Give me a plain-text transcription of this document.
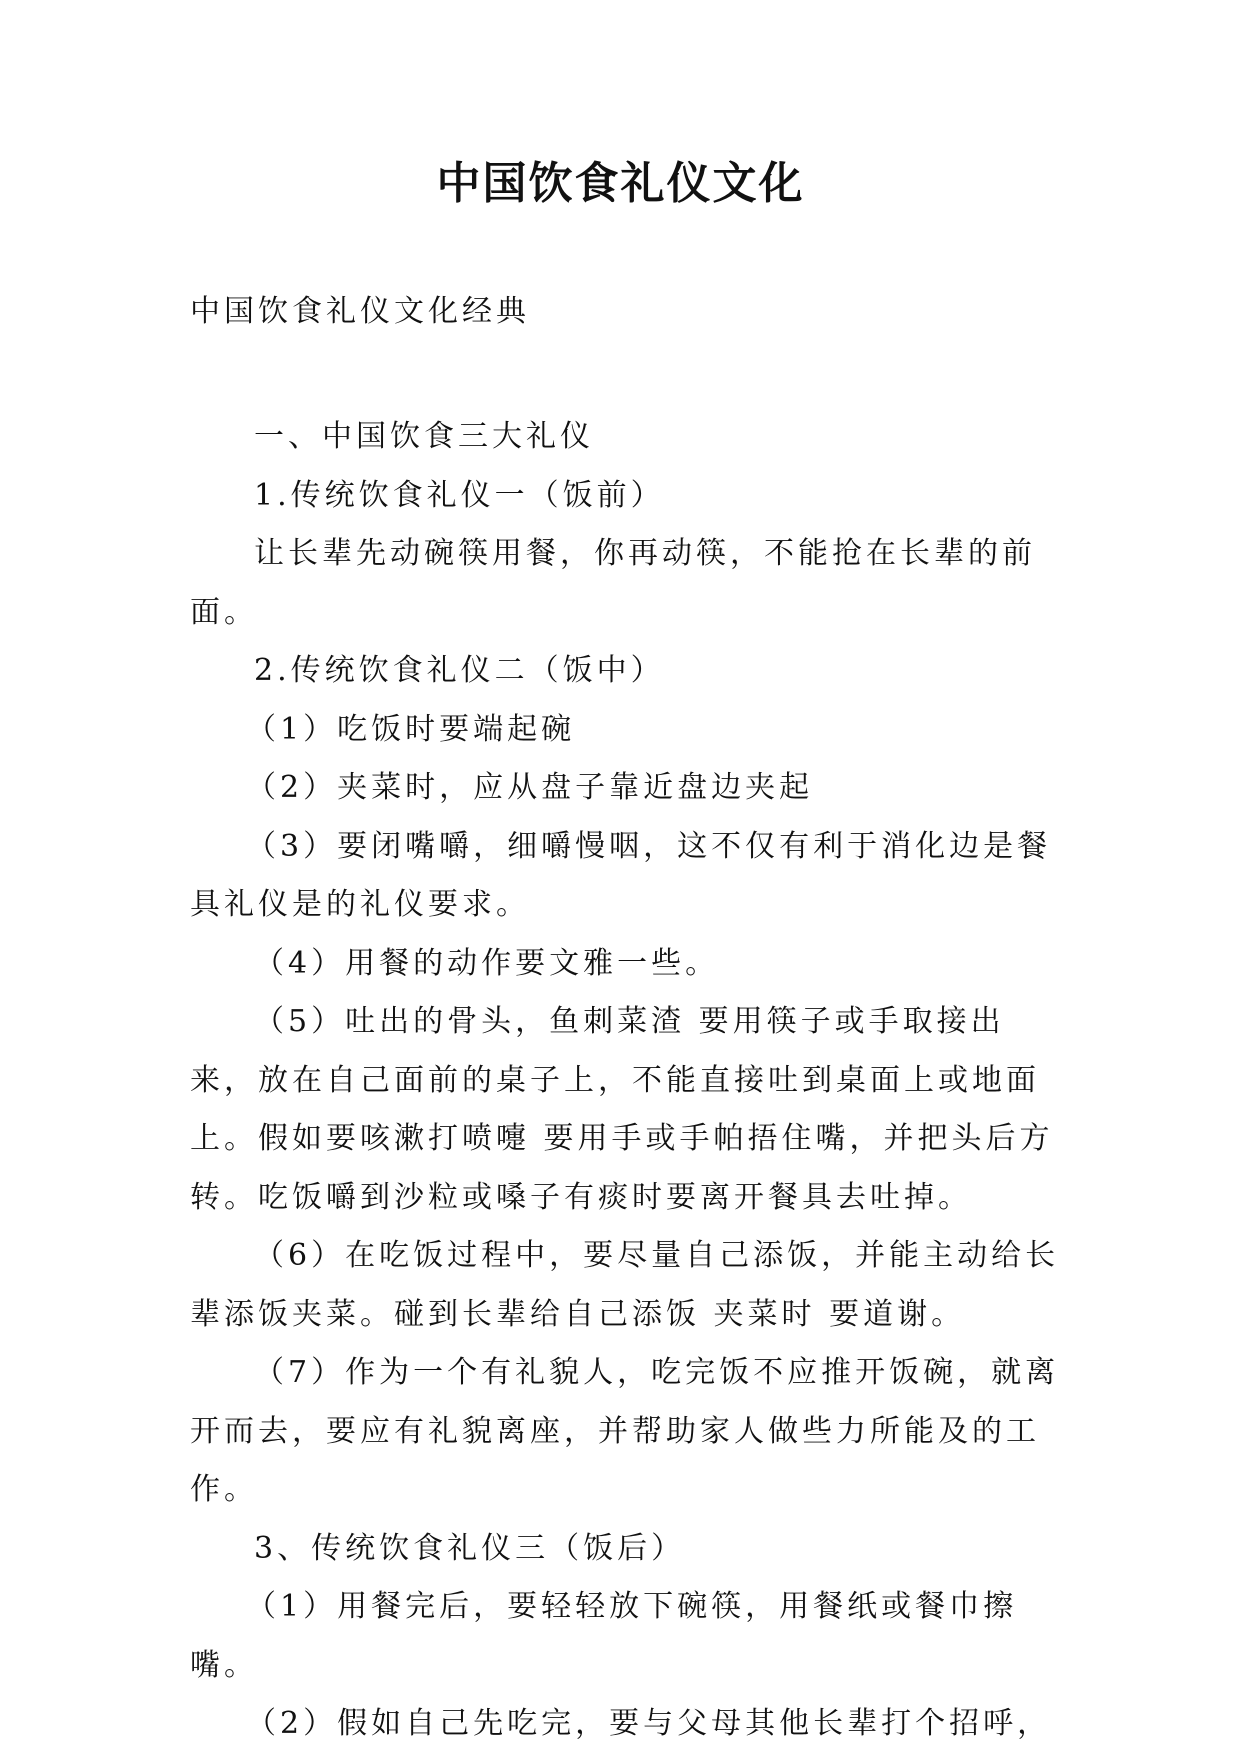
中国饮食礼仪文化

中国饮食礼仪文化经典

一、中国饮食三大礼仪

1.传统饮食礼仪一（饭前）

让长辈先动碗筷用餐，你再动筷，不能抢在长辈的前面。

2.传统饮食礼仪二（饭中）

（1）吃饭时要端起碗

（2）夹菜时，应从盘子靠近盘边夹起

（3）要闭嘴嚼，细嚼慢咽，这不仅有利于消化边是餐具礼仪是的礼仪要求。

（4）用餐的动作要文雅一些。

（5）吐出的骨头，鱼刺菜渣 要用筷子或手取接出来，放在自己面前的桌子上，不能直接吐到桌面上或地面上。假如要咳漱打喷嚏 要用手或手帕捂住嘴，并把头后方转。吃饭嚼到沙粒或嗓子有痰时要离开餐具去吐掉。

（6）在吃饭过程中，要尽量自己添饭，并能主动给长辈添饭夹菜。碰到长辈给自己添饭 夹菜时 要道谢。

（7）作为一个有礼貌人，吃完饭不应推开饭碗，就离开而去，要应有礼貌离座，并帮助家人做些力所能及的工作。

3、传统饮食礼仪三（饭后）

（1）用餐完后，要轻轻放下碗筷，用餐纸或餐巾擦嘴。

（2）假如自己先吃完，要与父母其他长辈打个招呼，
